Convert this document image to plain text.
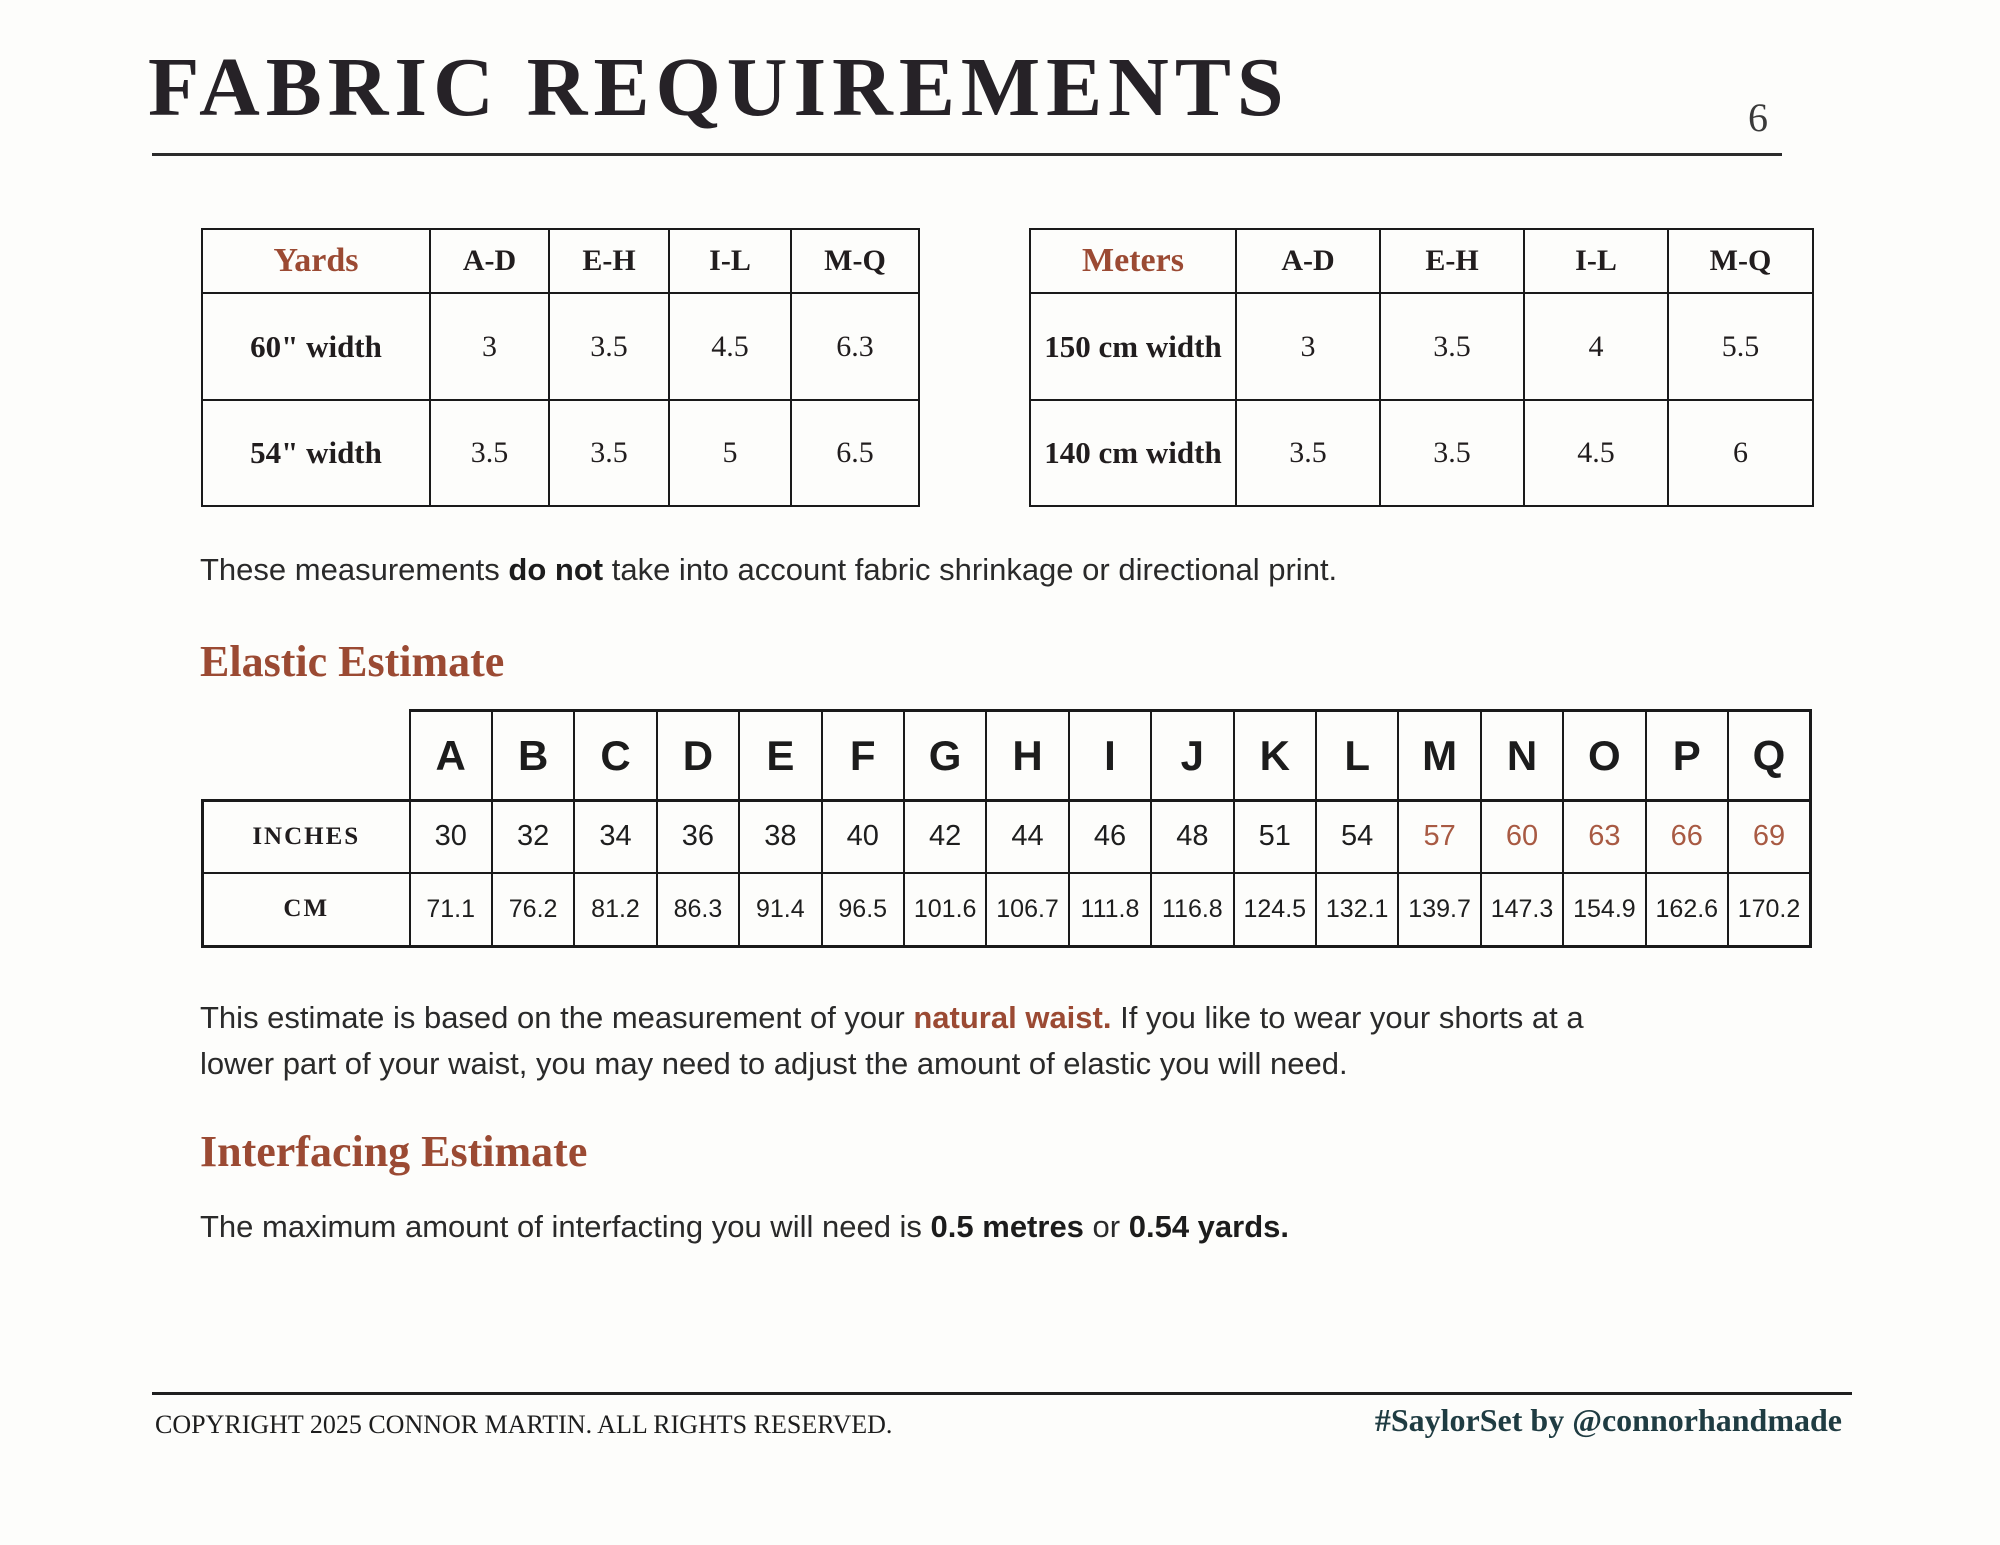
FABRIC REQUIREMENTS	6
Yards	A-D	E-H	I-L	M-Q
60" width	3	3.5	4.5	6.3
54" width	3.5	3.5	5	6.5
Meters	A-D	E-H	I-L	M-Q
150 cm width	3	3.5	4	5.5
140 cm width	3.5	3.5	4.5	6
These measurements do not take into account fabric shrinkage or directional print.
Elastic Estimate
	A	B	C	D	E	F	G	H	I	J	K	L	M	N	O	P	Q
INCHES	30	32	34	36	38	40	42	44	46	48	51	54	57	60	63	66	69
CM	71.1	76.2	81.2	86.3	91.4	96.5	101.6	106.7	111.8	116.8	124.5	132.1	139.7	147.3	154.9	162.6	170.2
This estimate is based on the measurement of your natural waist. If you like to wear your shorts at a
lower part of your waist, you may need to adjust the amount of elastic you will need.
Interfacing Estimate
The maximum amount of interfacting you will need is 0.5 metres or 0.54 yards.
COPYRIGHT 2025 CONNOR MARTIN. ALL RIGHTS RESERVED.	#SaylorSet by @connorhandmade
